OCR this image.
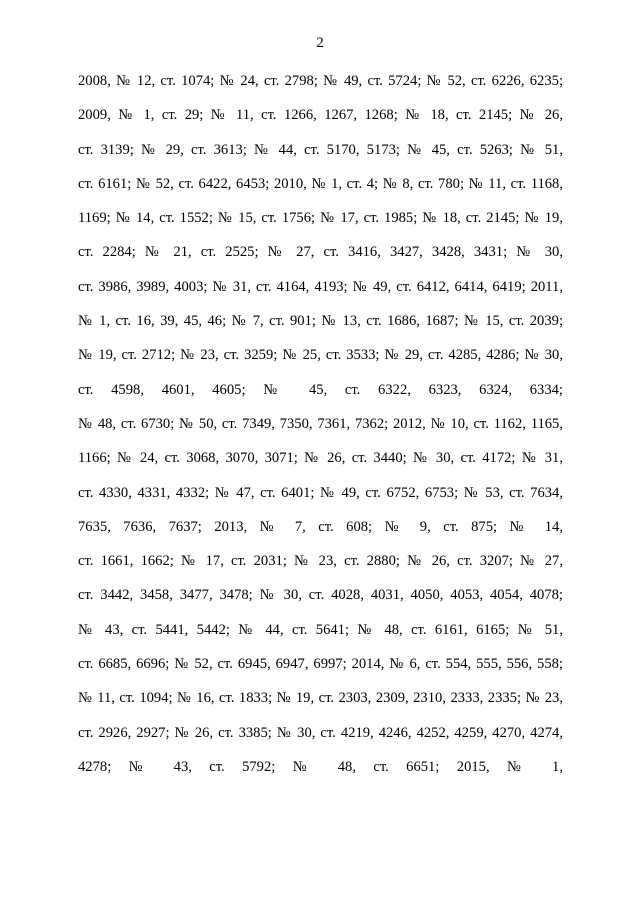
2
2008, № 12, ст. 1074; № 24, ст. 2798; № 49, ст. 5724; № 52, ст. 6226, 6235;
2009, № 1, ст. 29; № 11, ст. 1266, 1267, 1268; № 18, ст. 2145; № 26,
ст. 3139; № 29, ст. 3613; № 44, ст. 5170, 5173; № 45, ст. 5263; № 51,
ст. 6161; № 52, ст. 6422, 6453; 2010, № 1, ст. 4; № 8, ст. 780; № 11, ст. 1168,
1169; № 14, ст. 1552; № 15, ст. 1756; № 17, ст. 1985; № 18, ст. 2145; № 19,
ст. 2284; № 21, ст. 2525; № 27, ст. 3416, 3427, 3428, 3431; № 30,
ст. 3986, 3989, 4003; № 31, ст. 4164, 4193; № 49, ст. 6412, 6414, 6419; 2011,
№ 1, ст. 16, 39, 45, 46; № 7, ст. 901; № 13, ст. 1686, 1687; № 15, ст. 2039;
№ 19, ст. 2712; № 23, ст. 3259; № 25, ст. 3533; № 29, ст. 4285, 4286; № 30,
ст. 4598, 4601, 4605; № 45, ст. 6322, 6323, 6324, 6334;
№ 48, ст. 6730; № 50, ст. 7349, 7350, 7361, 7362; 2012, № 10, ст. 1162, 1165,
1166; № 24, ст. 3068, 3070, 3071; № 26, ст. 3440; № 30, ст. 4172; № 31,
ст. 4330, 4331, 4332; № 47, ст. 6401; № 49, ст. 6752, 6753; № 53, ст. 7634,
7635, 7636, 7637; 2013, № 7, ст. 608; № 9, ст. 875; № 14,
ст. 1661, 1662; № 17, ст. 2031; № 23, ст. 2880; № 26, ст. 3207; № 27,
ст. 3442, 3458, 3477, 3478; № 30, ст. 4028, 4031, 4050, 4053, 4054, 4078;
№ 43, ст. 5441, 5442; № 44, ст. 5641; № 48, ст. 6161, 6165; № 51,
ст. 6685, 6696; № 52, ст. 6945, 6947, 6997; 2014, № 6, ст. 554, 555, 556, 558;
№ 11, ст. 1094; № 16, ст. 1833; № 19, ст. 2303, 2309, 2310, 2333, 2335; № 23,
ст. 2926, 2927; № 26, ст. 3385; № 30, ст. 4219, 4246, 4252, 4259, 4270, 4274,
4278; № 43, ст. 5792; № 48, ст. 6651; 2015, № 1,
